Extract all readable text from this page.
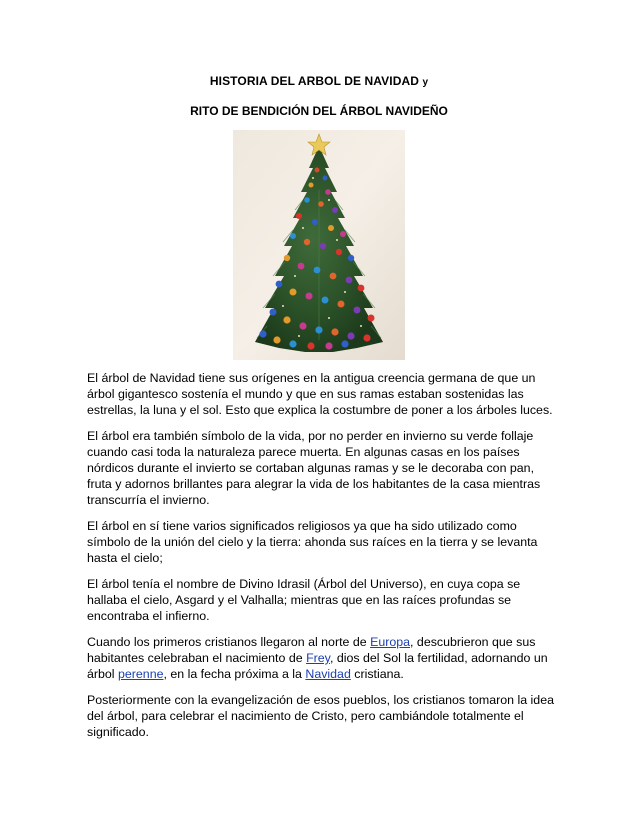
HISTORIA DEL ARBOL DE NAVIDAD y
RITO DE BENDICIÓN DEL ÁRBOL NAVIDEÑO

El árbol de Navidad tiene sus orígenes en la antigua creencia germana de que un árbol gigantesco sostenía el mundo y que en sus ramas estaban sostenidas las estrellas, la luna y el sol. Esto que explica la costumbre de poner a los árboles luces.

El árbol era también símbolo de la vida, por no perder en invierno su verde follaje cuando casi toda la naturaleza parece muerta. En algunas casas en los países nórdicos durante el invierto se cortaban algunas ramas y se le decoraba con pan, fruta y adornos brillantes para alegrar la vida de los habitantes de la casa mientras transcurría el invierno.

El árbol en sí tiene varios significados religiosos ya que ha sido utilizado como símbolo de la unión del cielo y la tierra: ahonda sus raíces en la tierra y se levanta hasta el cielo;

El árbol tenía el nombre de Divino Idrasil (Árbol del Universo), en cuya copa se hallaba el cielo, Asgard y el Valhalla; mientras que en las raíces profundas se encontraba el infierno.

Cuando los primeros cristianos llegaron al norte de Europa, descubrieron que sus habitantes celebraban el nacimiento de Frey, dios del Sol la fertilidad, adornando un árbol perenne, en la fecha próxima a la Navidad cristiana.

Posteriormente con la evangelización de esos pueblos, los cristianos tomaron la idea del árbol, para celebrar el nacimiento de Cristo, pero cambiándole totalmente el significado.
